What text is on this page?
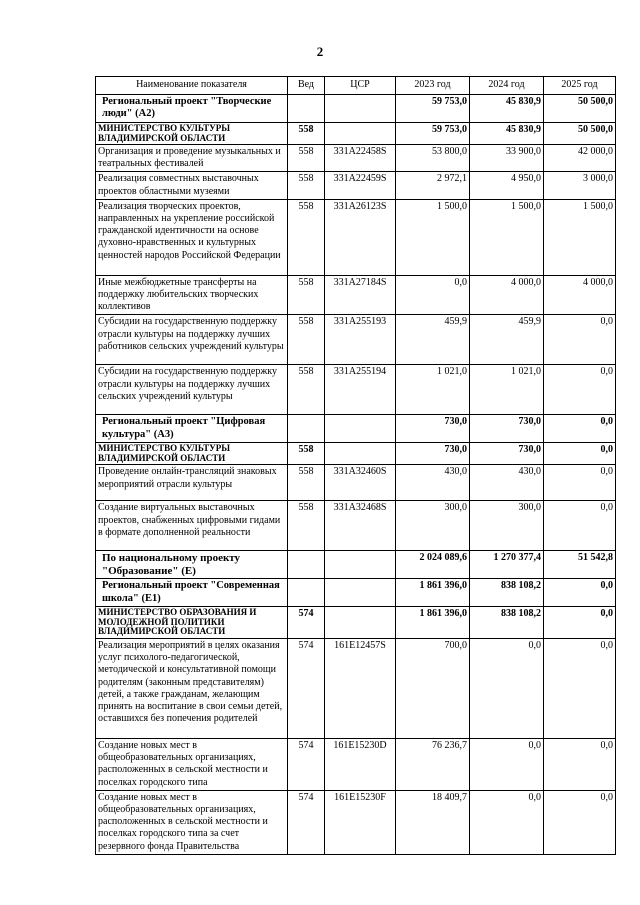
2
Наименование показателя	Вед	ЦСР	2023 год	2024 год	2025 год
Региональный проект "Творческие люди" (А2)			59 753,0	45 830,9	50 500,0
МИНИСТЕРСТВО КУЛЬТУРЫ ВЛАДИМИРСКОЙ ОБЛАСТИ	558		59 753,0	45 830,9	50 500,0
Организация и проведение музыкальных и театральных фестивалей	558	331А22458S	53 800,0	33 900,0	42 000,0
Реализация совместных выставочных проектов областными музеями	558	331А22459S	2 972,1	4 950,0	3 000,0
Реализация творческих проектов, направленных на укрепление российской гражданской идентичности на основе духовно-нравственных и культурных ценностей народов Российской Федерации	558	331А26123S	1 500,0	1 500,0	1 500,0
Иные межбюджетные трансферты на поддержку любительских творческих коллективов	558	331А27184S	0,0	4 000,0	4 000,0
Субсидии на государственную поддержку отрасли культуры на поддержку лучших работников сельских учреждений культуры	558	331А255193	459,9	459,9	0,0
Субсидии на государственную поддержку отрасли культуры на поддержку лучших сельских учреждений культуры	558	331А255194	1 021,0	1 021,0	0,0
Региональный проект "Цифровая культура" (А3)			730,0	730,0	0,0
МИНИСТЕРСТВО КУЛЬТУРЫ ВЛАДИМИРСКОЙ ОБЛАСТИ	558		730,0	730,0	0,0
Проведение онлайн-трансляций знаковых мероприятий отрасли культуры	558	331А32460S	430,0	430,0	0,0
Создание виртуальных выставочных проектов, снабженных цифровыми гидами в формате дополненной реальности	558	331А32468S	300,0	300,0	0,0
По национальному проекту "Образование" (Е)			2 024 089,6	1 270 377,4	51 542,8
Региональный проект "Современная школа" (Е1)			1 861 396,0	838 108,2	0,0
МИНИСТЕРСТВО ОБРАЗОВАНИЯ И МОЛОДЕЖНОЙ ПОЛИТИКИ ВЛАДИМИРСКОЙ ОБЛАСТИ	574		1 861 396,0	838 108,2	0,0
Реализация мероприятий в целях оказания услуг психолого-педагогической, методической и консультативной помощи родителям (законным представителям) детей, а также гражданам, желающим принять на воспитание в свои семьи детей, оставшихся без попечения родителей	574	161Е12457S	700,0	0,0	0,0
Создание новых мест в общеобразовательных организациях, расположенных в сельской местности и поселках городского типа	574	161Е15230D	76 236,7	0,0	0,0
Создание новых мест в общеобразовательных организациях, расположенных в сельской местности и поселках городского типа за счет резервного фонда Правительства	574	161Е15230F	18 409,7	0,0	0,0
